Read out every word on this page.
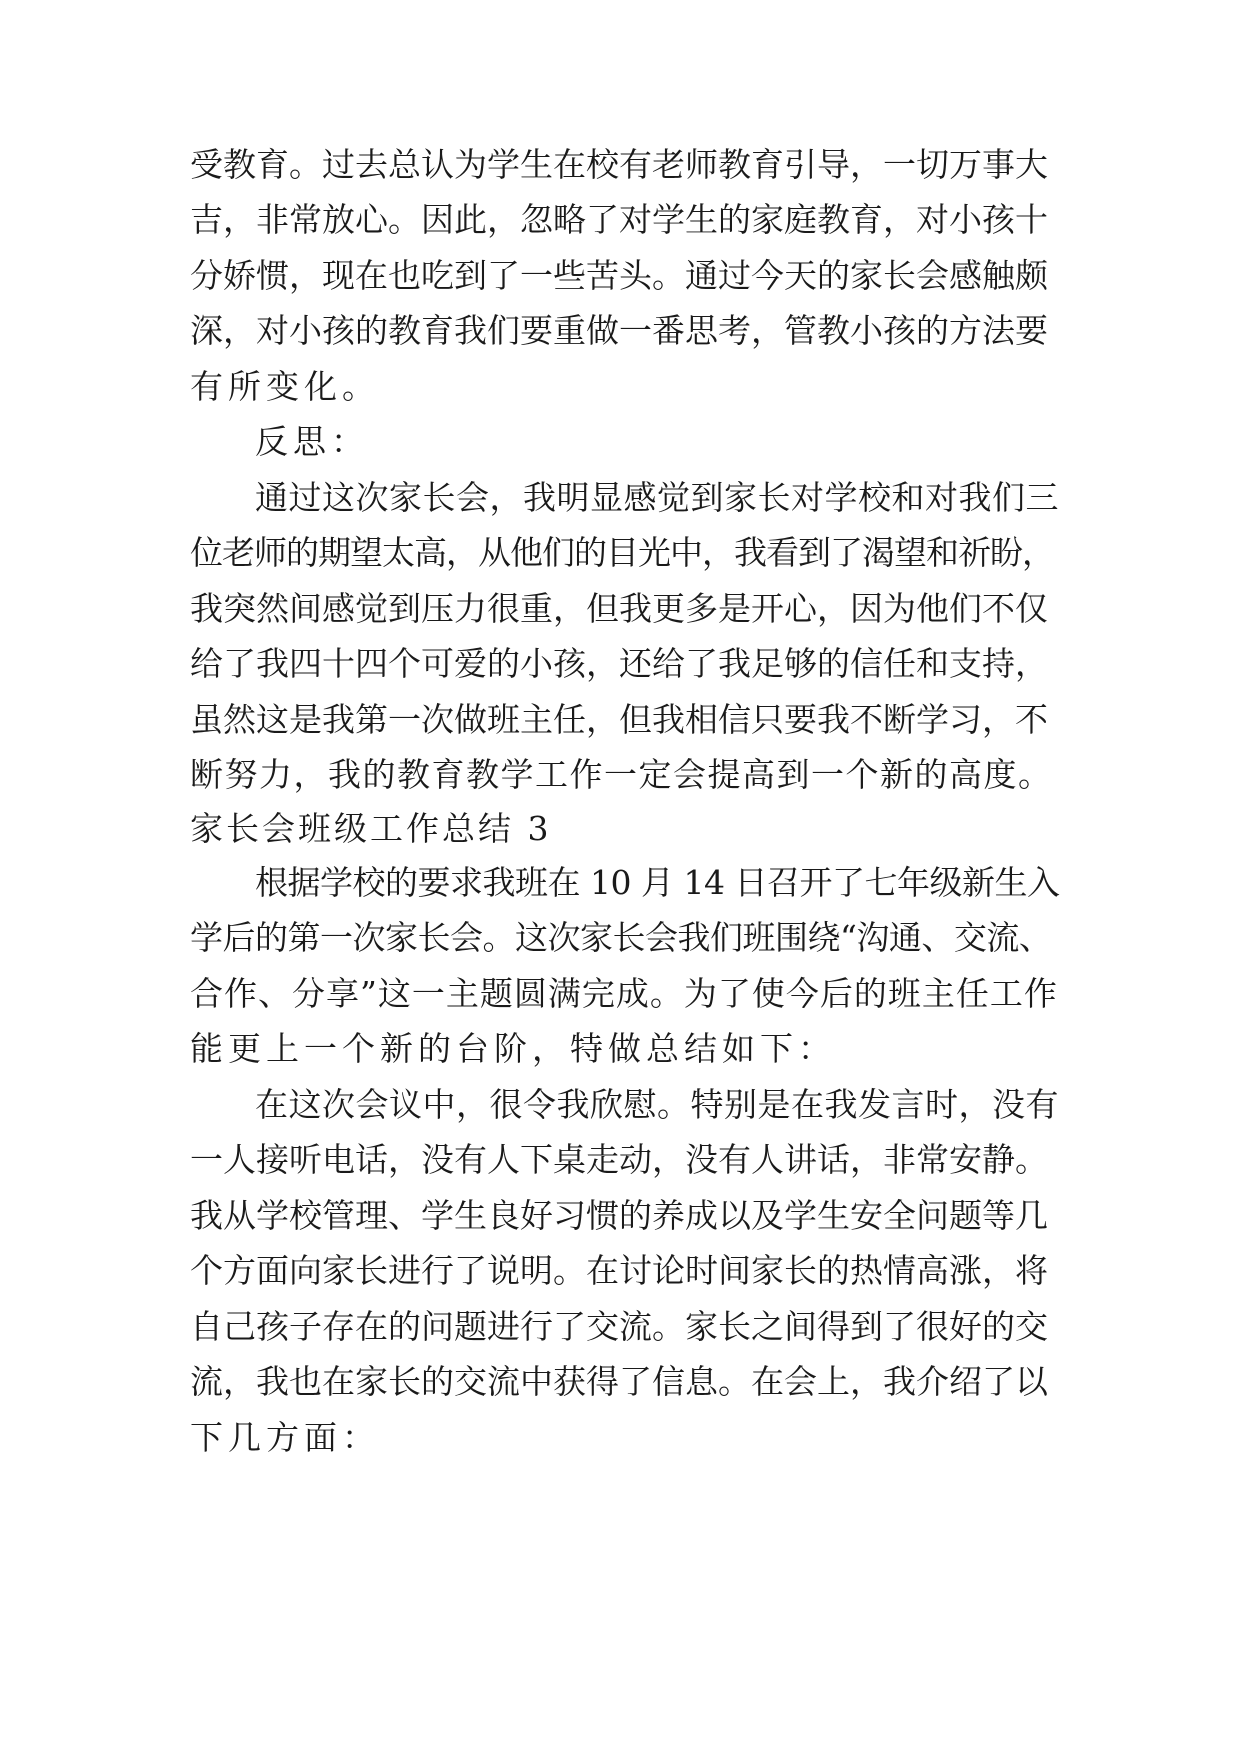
受教育。过去总认为学生在校有老师教育引导，一切万事大
吉，非常放心。因此，忽略了对学生的家庭教育，对小孩十
分娇惯，现在也吃到了一些苦头。通过今天的家长会感触颇
深，对小孩的教育我们要重做一番思考，管教小孩的方法要
有所变化。
反思：
通过这次家长会，我明显感觉到家长对学校和对我们三
位老师的期望太高，从他们的目光中，我看到了渴望和祈盼，
我突然间感觉到压力很重，但我更多是开心，因为他们不仅
给了我四十四个可爱的小孩，还给了我足够的信任和支持，
虽然这是我第一次做班主任，但我相信只要我不断学习，不
断努力，我的教育教学工作一定会提高到一个新的高度。
家长会班级工作总结 3
根据学校的要求我班在 10 月 14 日召开了七年级新生入
学后的第一次家长会。这次家长会我们班围绕“沟通、交流、
合作、分享”这一主题圆满完成。为了使今后的班主任工作
能更上一个新的台阶，特做总结如下：
在这次会议中，很令我欣慰。特别是在我发言时，没有
一人接听电话，没有人下桌走动，没有人讲话，非常安静。
我从学校管理、学生良好习惯的养成以及学生安全问题等几
个方面向家长进行了说明。在讨论时间家长的热情高涨，将
自己孩子存在的问题进行了交流。家长之间得到了很好的交
流，我也在家长的交流中获得了信息。在会上，我介绍了以
下几方面：
